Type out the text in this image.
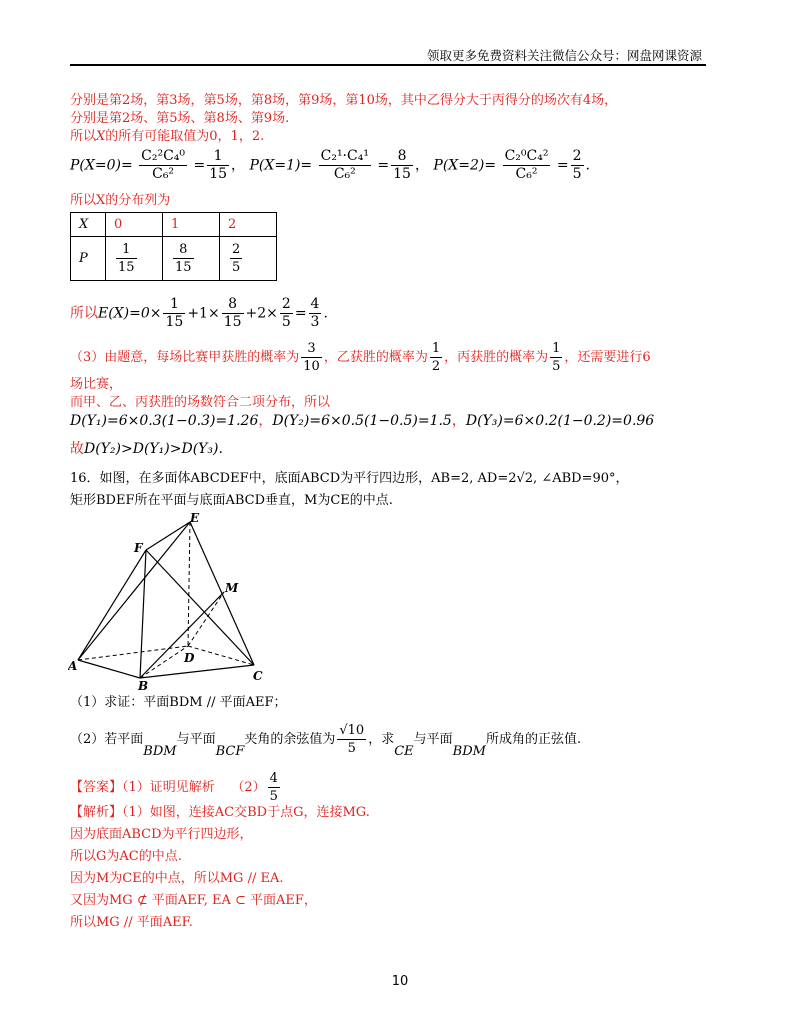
领取更多免费资料关注微信公众号：网盘网课资源
分别是第2场，第3场，第5场，第8场，第9场，第10场，其中乙得分大于丙得分的场次有4场，
分别是第2场、第5场、第8场、第9场.
所以X的所有可能取值为0，1，2.
$P(X=0)= \frac{\text{C₂²C₄⁰}}{\text{C₆²}} = \frac{1}{15}$ ， $P(X=1)= \frac{\text{C₂¹·C₄¹}}{\text{C₆²}} = \frac{8}{15}$ ， $P(X=2)= \frac{\text{C₂⁰C₄²}}{\text{C₆²}} = \frac{2}{5}$ .
所以X的分布列为
X	0	1	2
P	$\frac{1}{15}$	$\frac{8}{15}$	$\frac{2}{5}$
所以$E(X)=0\times \frac{1}{15} +1\times \frac{8}{15} +2\times \frac{2}{5} = \frac{4}{3}$ .
（3）由题意，每场比赛甲获胜的概率为 $\frac{3}{10}$ ，乙获胜的概率为 $\frac{1}{2}$ ，丙获胜的概率为 $\frac{1}{5}$ ，还需要进行6
场比赛，
而甲、乙、丙获胜的场数符合二项分布，所以
D(Y₁)=6×0.3(1−0.3)=1.26，D(Y₂)=6×0.5(1−0.5)=1.5，D(Y₃)=6×0.2(1−0.2)=0.96
故D(Y₂)>D(Y₁)>D(Y₃).
16．如图，在多面体ABCDEF中，底面ABCD为平行四边形，AB=2, AD=2√2, ∠ABD=90°，
矩形BDEF所在平面与底面ABCD垂直，M为CE的中点.
A
B
C
D
E
F
M
（1）求证：平面BDM // 平面AEF；
（2）若平面BDM与平面BCF夹角的余弦值为 $\frac{√10}{5}$ ，求CE与平面BDM所成角的正弦值.
【答案】（1）证明见解析 $(2) \frac{4}{5}$
【解析】（1）如图，连接AC交BD于点G，连接MG.
因为底面ABCD为平行四边形，
所以G为AC的中点.
因为M为CE的中点，所以MG // EA.
又因为MG ⊄ 平面AEF, EA ⊂ 平面AEF，
所以MG // 平面AEF.
10
